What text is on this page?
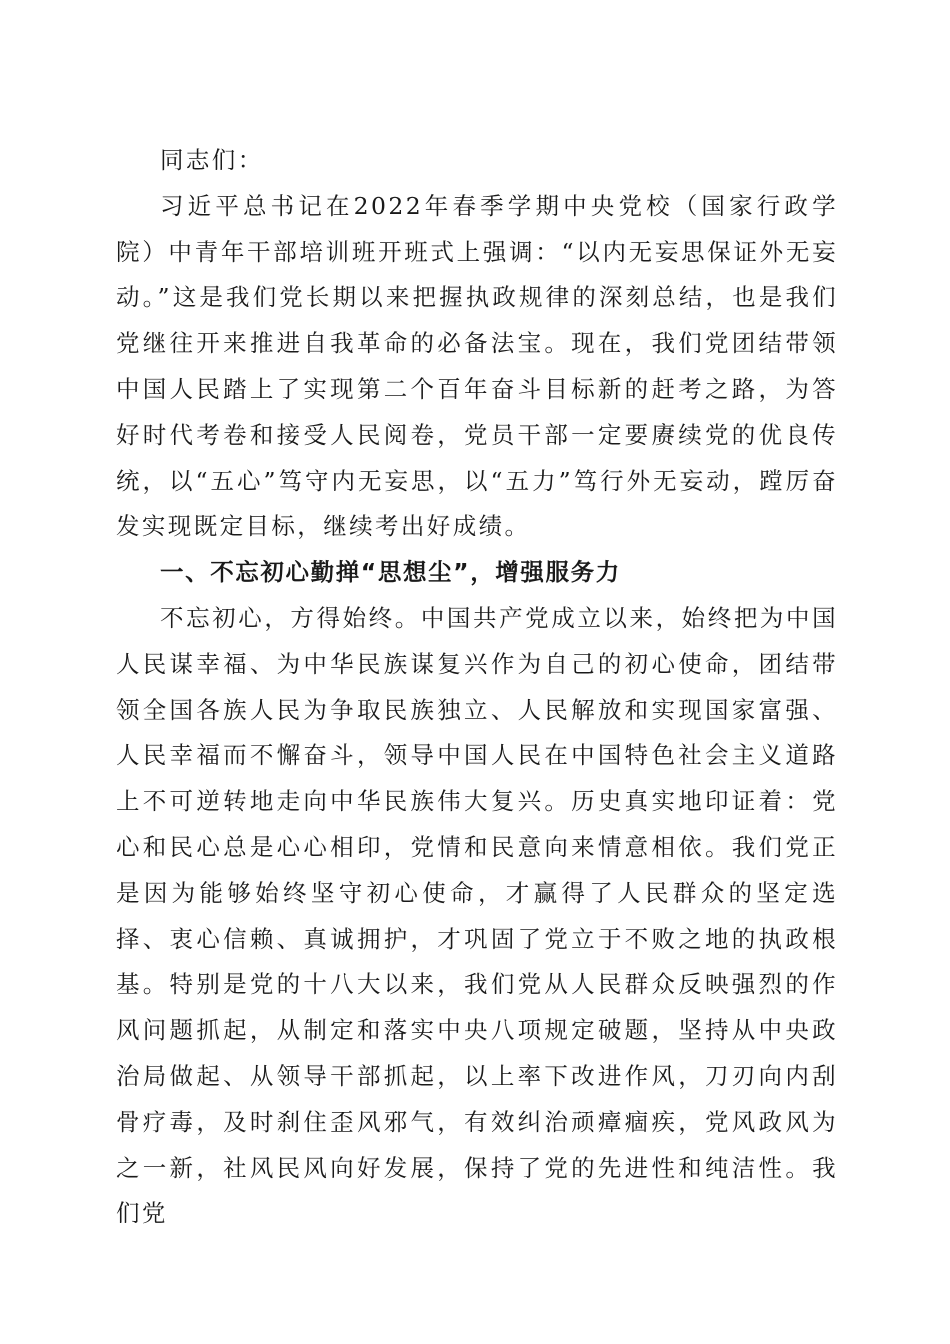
同志们：

习近平总书记在2022年春季学期中央党校（国家行政学院）中青年干部培训班开班式上强调：“以内无妄思保证外无妄动。”这是我们党长期以来把握执政规律的深刻总结，也是我们党继往开来推进自我革命的必备法宝。现在，我们党团结带领中国人民踏上了实现第二个百年奋斗目标新的赶考之路，为答好时代考卷和接受人民阅卷，党员干部一定要赓续党的优良传统，以“五心”笃守内无妄思，以“五力”笃行外无妄动，蹚厉奋发实现既定目标，继续考出好成绩。

一、不忘初心勤掸“思想尘”，增强服务力

不忘初心，方得始终。中国共产党成立以来，始终把为中国人民谋幸福、为中华民族谋复兴作为自己的初心使命，团结带领全国各族人民为争取民族独立、人民解放和实现国家富强、人民幸福而不懈奋斗，领导中国人民在中国特色社会主义道路上不可逆转地走向中华民族伟大复兴。历史真实地印证着：党心和民心总是心心相印，党情和民意向来情意相依。我们党正是因为能够始终坚守初心使命，才赢得了人民群众的坚定选择、衷心信赖、真诚拥护，才巩固了党立于不败之地的执政根基。特别是党的十八大以来，我们党从人民群众反映强烈的作风问题抓起，从制定和落实中央八项规定破题，坚持从中央政治局做起、从领导干部抓起，以上率下改进作风，刀刃向内刮骨疗毒，及时刹住歪风邪气，有效纠治顽瘴痼疾，党风政风为之一新，社风民风向好发展，保持了党的先进性和纯洁性。我们党
